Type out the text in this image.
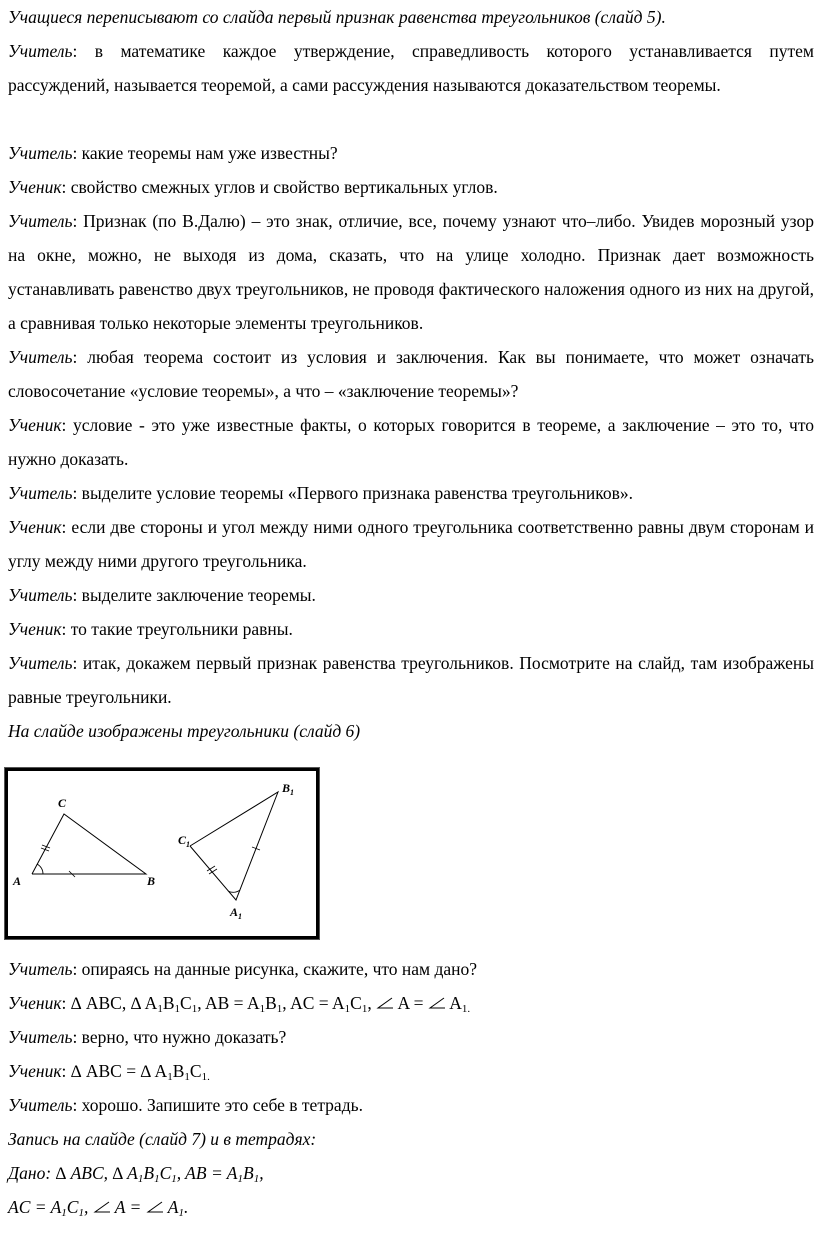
Учащиеся переписывают со слайда первый признак равенства треугольников (слайд 5).

Учитель: в математике каждое утверждение, справедливость которого устанавливается путем рассуждений, называется теоремой, а сами рассуждения называются доказательством теоремы.

Учитель: какие теоремы нам уже известны?

Ученик: свойство смежных углов и свойство вертикальных углов.

Учитель: Признак (по В.Далю) – это знак, отличие, все, почему узнают что–либо. Увидев морозный узор на окне, можно, не выходя из дома, сказать, что на улице холодно. Признак дает возможность устанавливать равенство двух треугольников, не проводя фактического наложения одного из них на другой, а сравнивая только некоторые элементы треугольников.

Учитель: любая теорема состоит из условия и заключения. Как вы понимаете, что может означать словосочетание «условие теоремы», а что – «заключение теоремы»?

Ученик: условие - это уже известные факты, о которых говорится в теореме, а заключение – это то, что нужно доказать.

Учитель: выделите условие теоремы «Первого признака равенства треугольников».

Ученик: если две стороны и угол между ними одного треугольника соответственно равны двум сторонам и углу между ними другого треугольника.

Учитель: выделите заключение теоремы.

Ученик: то такие треугольники равны.

Учитель: итак, докажем первый признак равенства треугольников. Посмотрите на слайд, там изображены равные треугольники.

На слайде изображены треугольники (слайд 6)

C
A	B
$B_1$
$C_1$
$A_1$

Учитель: опираясь на данные рисунка, скажите, что нам дано?

Ученик: ∆ ABC, ∆ $A_1B_1C_1$, AB = $A_1B_1$, AC = $A_1C_1$,  $A = A_{1.}$

Учитель: верно, что нужно доказать?

Ученик: ∆ ABC = ∆ $A_1B_1C_{1.}$

Учитель: хорошо. Запишите это себе в тетрадь.

Запись на слайде (слайд 7) и в тетрадях:

Дано: ∆ ABC, ∆ $A_1B_1C_1$, AB = $A_1B_1$,

AC = $A_1C_1$,  $A = A_1$.
